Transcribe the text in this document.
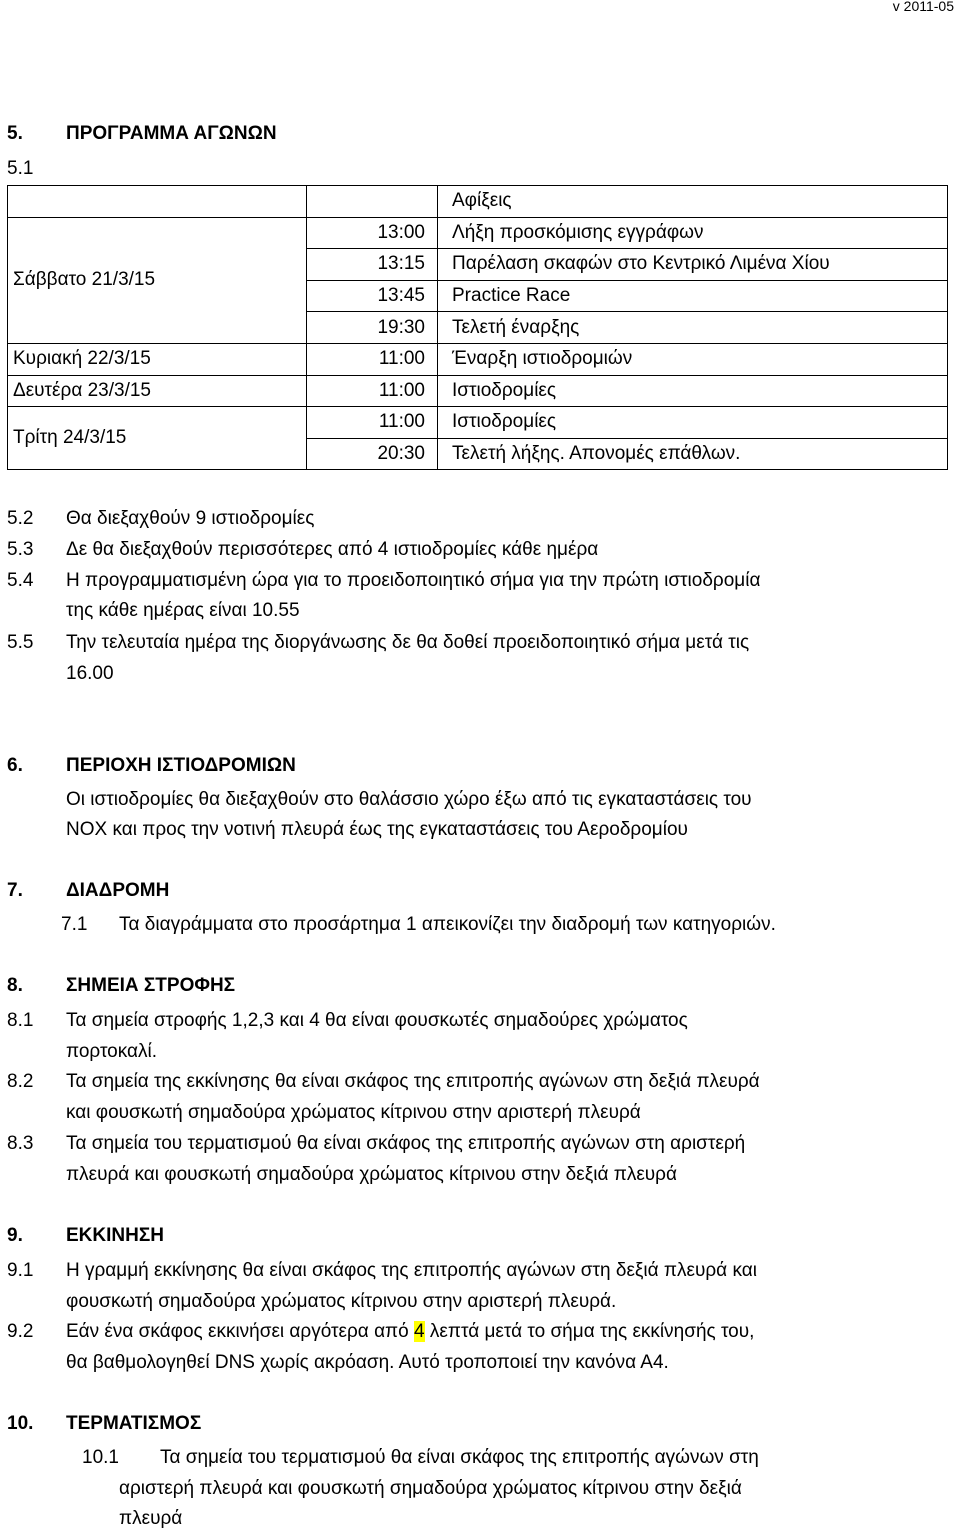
v 2011-05
5. ΠΡΟΓΡΑΜΜΑ ΑΓΩΝΩΝ
5.1
		Αφίξεις
Σάββατο 21/3/15	13:00	Λήξη προσκόμισης εγγράφων
	13:15	Παρέλαση σκαφών στο Κεντρικό Λιμένα Χίου
	13:45	Practice Race
	19:30	Τελετή έναρξης
Κυριακή 22/3/15	11:00	Έναρξη ιστιοδρομιών
Δευτέρα 23/3/15	11:00	Ιστιοδρομίες
Τρίτη 24/3/15	11:00	Ιστιοδρομίες
	20:30	Τελετή λήξης. Απονομές επάθλων.
5.2 Θα διεξαχθούν 9 ιστιοδρομίες
5.3 Δε θα διεξαχθούν περισσότερες από 4 ιστιοδρομίες κάθε ημέρα
5.4 Η προγραμματισμένη ώρα για το προειδοποιητικό σήμα για την πρώτη ιστιοδρομία
της κάθε ημέρας είναι 10.55
5.5 Την τελευταία ημέρα της διοργάνωσης δε θα δοθεί προειδοποιητικό σήμα μετά τις
16.00
6. ΠΕΡΙΟΧΗ ΙΣΤΙΟΔΡΟΜΙΩΝ
Οι ιστιοδρομίες θα διεξαχθούν στο θαλάσσιο χώρο έξω από τις εγκαταστάσεις του
ΝΟΧ και προς την νοτινή πλευρά έως της εγκαταστάσεις του Αεροδρομίου
7. ΔΙΑΔΡΟΜΗ
7.1 Τα διαγράμματα στο προσάρτημα 1 απεικονίζει την διαδρομή των κατηγοριών.
8. ΣΗΜΕΙΑ ΣΤΡΟΦΗΣ
8.1 Τα σημεία στροφής 1,2,3 και 4 θα είναι φουσκωτές σημαδούρες χρώματος
πορτοκαλί.
8.2 Τα σημεία της εκκίνησης θα είναι σκάφος της επιτροπής αγώνων στη δεξιά πλευρά
και φουσκωτή σημαδούρα χρώματος κίτρινου στην αριστερή πλευρά
8.3 Τα σημεία του τερματισμού θα είναι σκάφος της επιτροπής αγώνων στη αριστερή
πλευρά και φουσκωτή σημαδούρα χρώματος κίτρινου στην δεξιά πλευρά
9. ΕΚΚΙΝΗΣΗ
9.1 Η γραμμή εκκίνησης θα είναι σκάφος της επιτροπής αγώνων στη δεξιά πλευρά και
φουσκωτή σημαδούρα χρώματος κίτρινου στην αριστερή πλευρά.
9.2 Εάν ένα σκάφος εκκινήσει αργότερα από 4 λεπτά μετά το σήμα της εκκίνησής του,
θα βαθμολογηθεί DNS χωρίς ακρόαση. Αυτό τροποποιεί την κανόνα Α4.
10. ΤΕΡΜΑΤΙΣΜΟΣ
10.1 Τα σημεία του τερματισμού θα είναι σκάφος της επιτροπής αγώνων στη
αριστερή πλευρά και φουσκωτή σημαδούρα χρώματος κίτρινου στην δεξιά
πλευρά
